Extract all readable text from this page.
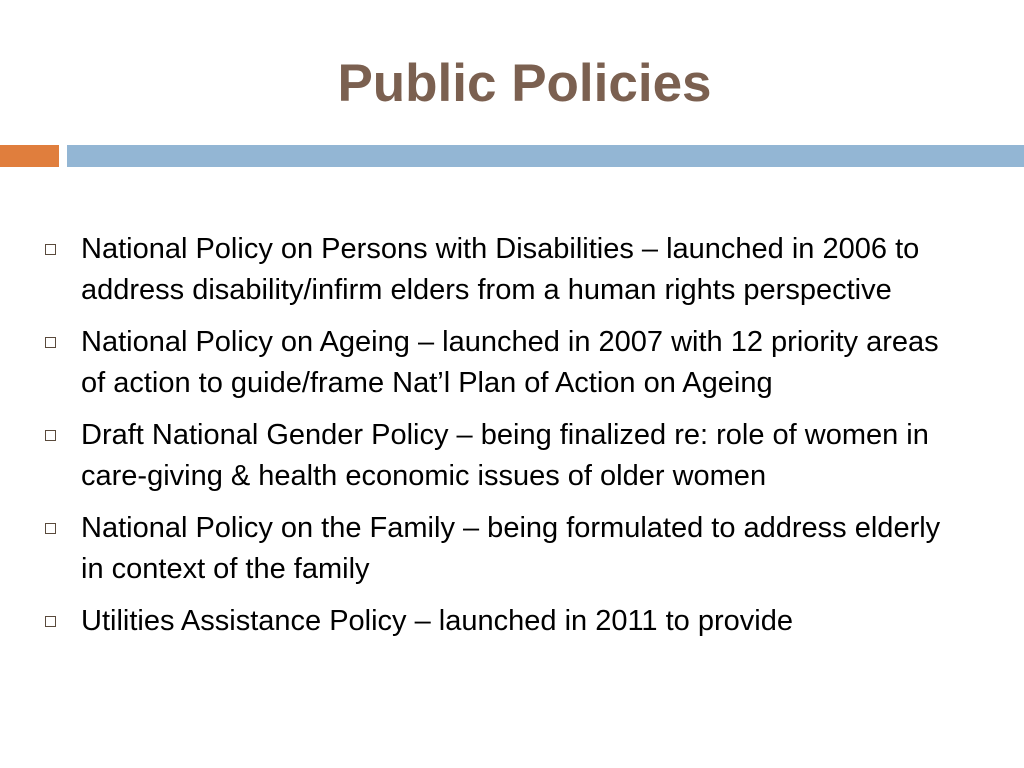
Public Policies
National Policy on Persons with Disabilities – launched in 2006 to address disability/infirm elders from a human rights perspective
National Policy on Ageing – launched in 2007 with 12 priority areas of action to guide/frame Nat’l Plan of Action on Ageing
Draft National Gender Policy – being finalized re: role of women in care-giving & health economic issues of older women
National Policy on the Family – being formulated to address elderly in context of the family
Utilities Assistance Policy – launched in 2011 to provide
